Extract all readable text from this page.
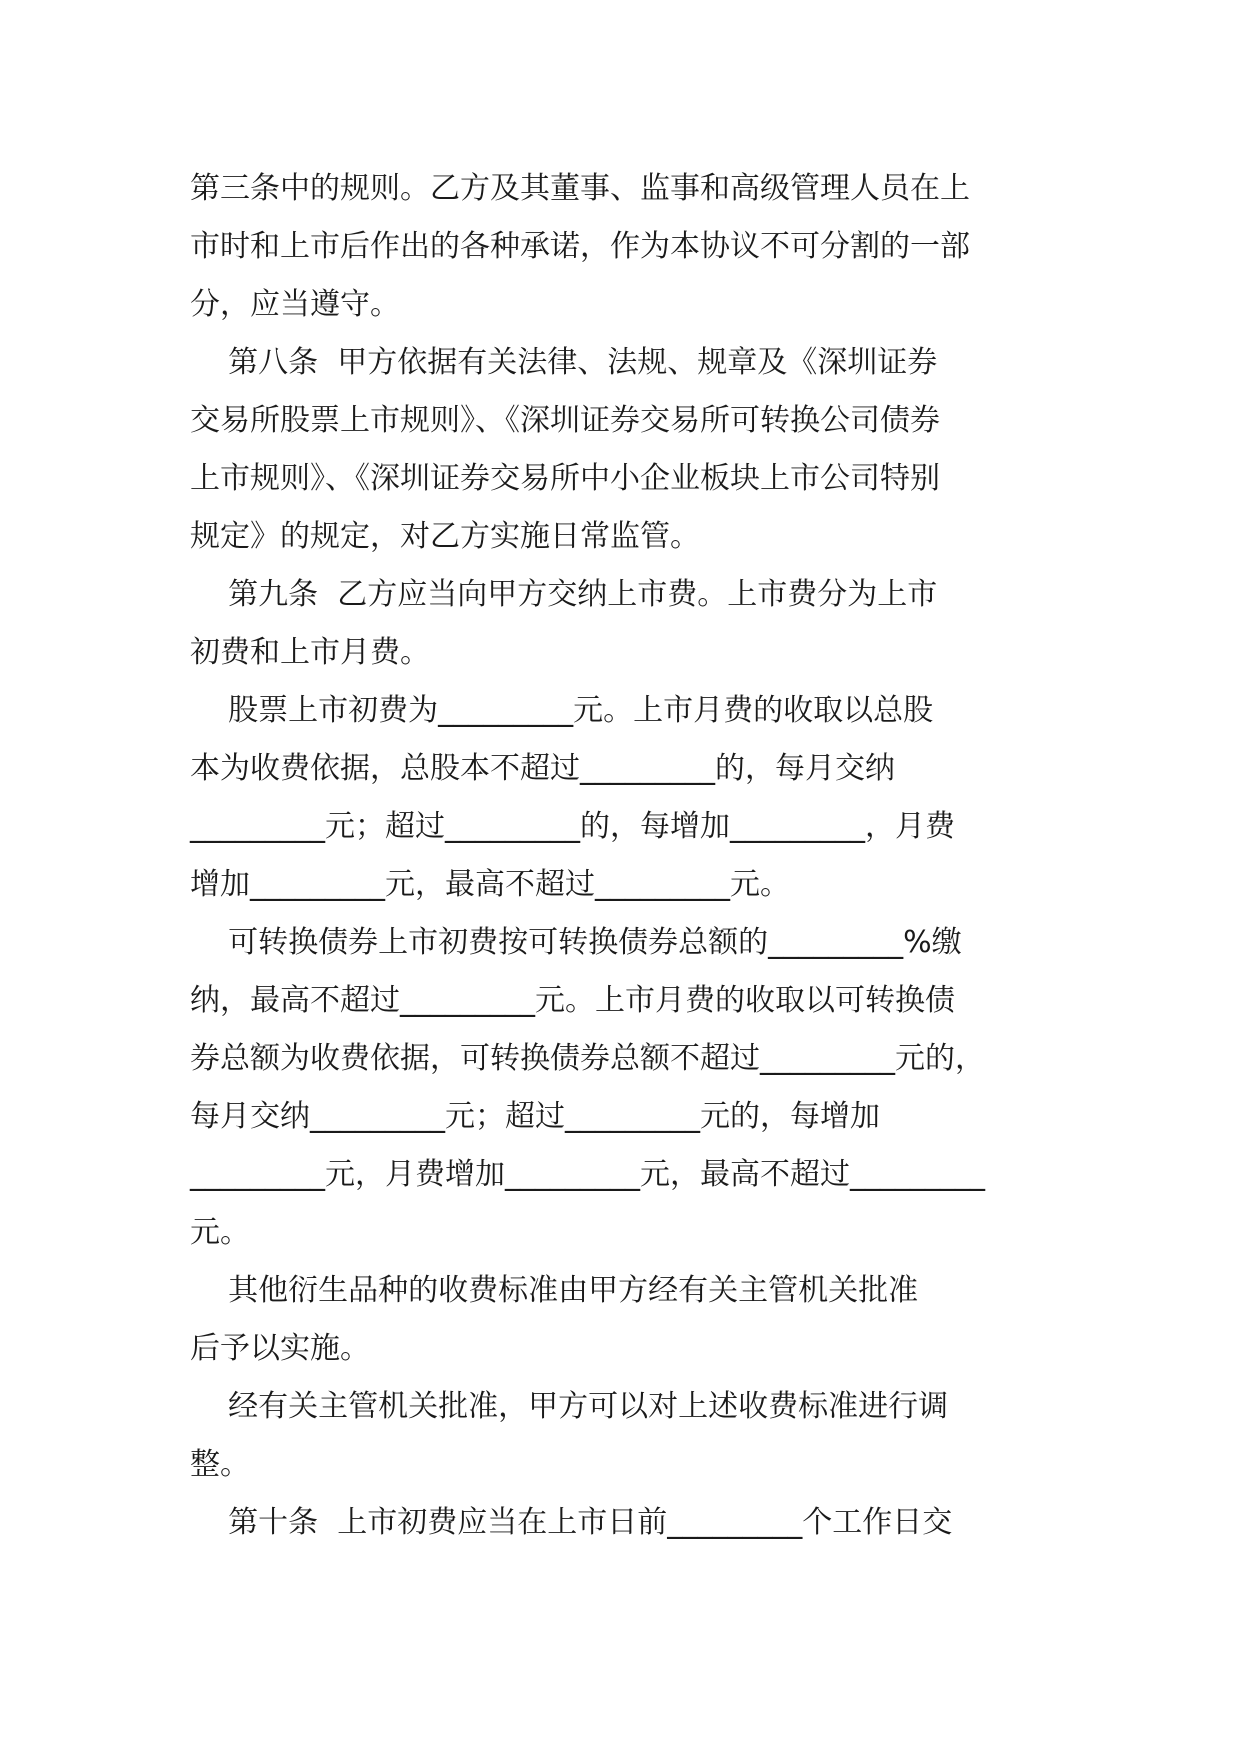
第三条中的规则。乙方及其董事、监事和高级管理人员在上
市时和上市后作出的各种承诺，作为本协议不可分割的一部
分，应当遵守。
第八条  甲方依据有关法律、法规、规章及《深圳证券
交易所股票上市规则》、《深圳证券交易所可转换公司债券
上市规则》、《深圳证券交易所中小企业板块上市公司特别
规定》的规定，对乙方实施日常监管。
第九条  乙方应当向甲方交纳上市费。上市费分为上市
初费和上市月费。
股票上市初费为_________元。上市月费的收取以总股
本为收费依据，总股本不超过_________的，每月交纳
_________元；超过_________的，每增加_________，月费
增加_________元，最高不超过_________元。
可转换债券上市初费按可转换债券总额的_________%缴
纳，最高不超过_________元。上市月费的收取以可转换债
券总额为收费依据，可转换债券总额不超过_________元的，
每月交纳_________元；超过_________元的，每增加
_________元，月费增加_________元，最高不超过_________
元。
其他衍生品种的收费标准由甲方经有关主管机关批准
后予以实施。
经有关主管机关批准，甲方可以对上述收费标准进行调
整。
第十条  上市初费应当在上市日前_________个工作日交
